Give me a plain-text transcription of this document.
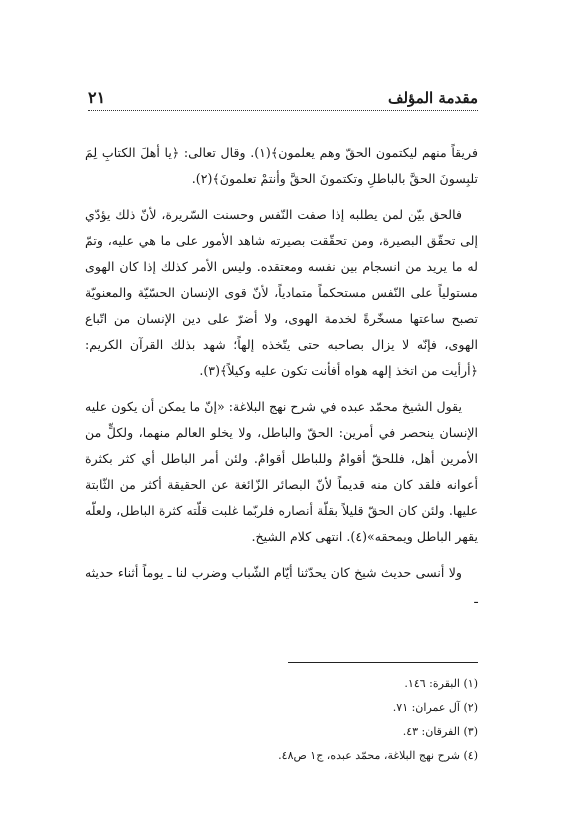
مقدمة المؤلف
٢١

فريقاً منهم ليكتمون الحقّ وهم يعلمون﴾(١). وقال تعالى: ﴿يا أهلَ الكتابِ لِمَ تلبِسونَ الحقَّ بالباطلِ وتكتمونَ الحقَّ وأنتمْ تعلمونَ﴾(٢).

فالحق بيّن لمن يطلبه إذا صفت النّفس وحسنت السّريرة، لأنّ ذلك يؤدّي إلى تحقّق البصيرة، ومن تحقّقت بصيرته شاهد الأمور على ما هي عليه، وتمّ له ما يريد من انسجام بين نفسه ومعتقده. وليس الأمر كذلك إذا كان الهوى مستولياً على النّفس مستحكماً متمادياً، لأنّ قوى الإنسان الحسّيّة والمعنويّة تصبح ساعتها مسخّرةً لخدمة الهوى، ولا أضرّ على دين الإنسان من اتّباع الهوى، فإنّه لا يزال بصاحبه حتى يتّخذه إلهاً؛ شهد بذلك القرآن الكريم: ﴿أرأيت من اتخذ إلهه هواه أفأنت تكون عليه وكيلاً﴾(٣).

يقول الشيخ محمّد عبده في شرح نهج البلاغة: «إنّ ما يمكن أن يكون عليه الإنسان ينحصر في أمرين: الحقّ والباطل، ولا يخلو العالم منهما، ولكلٍّ من الأمرين أهل، فللحقّ أقوامٌ وللباطل أقوامٌ. ولئن أمر الباطل أي كثر بكثرة أعوانه فلقد كان منه قديماً لأنّ البصائر الزّائغة عن الحقيقة أكثر من الثّابتة عليها. ولئن كان الحقّ قليلاً بقلّة أنصاره فلربّما غلبت قلّته كثرة الباطل، ولعلّه يقهر الباطل ويمحقه»(٤). انتهى كلام الشيخ.

ولا أنسى حديث شيخ كان يحدّثنا أيّام الشّباب وضرب لنا ـ يوماً أثناء حديثه ـ

(١) البقرة: ١٤٦.
(٢) آل عمران: ٧١.
(٣) الفرقان: ٤٣.
(٤) شرح نهج البلاغة، محمّد عبده، ج١ ص٤٨.
